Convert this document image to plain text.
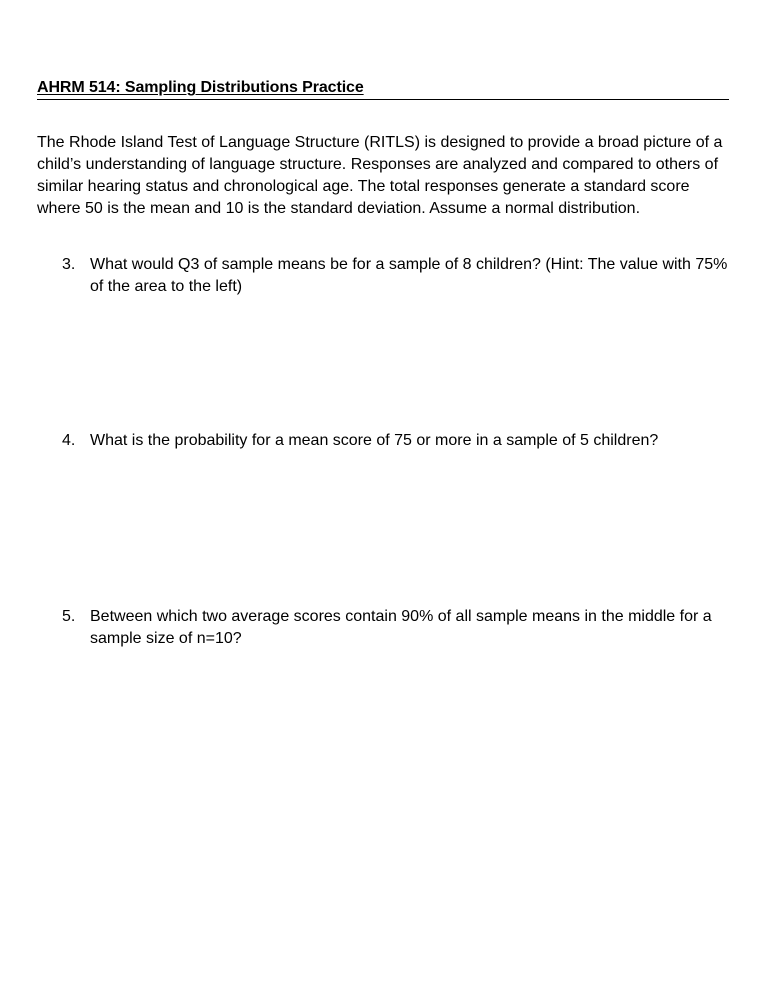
AHRM 514: Sampling Distributions Practice

The Rhode Island Test of Language Structure (RITLS) is designed to provide a broad picture of a child’s understanding of language structure. Responses are analyzed and compared to others of similar hearing status and chronological age. The total responses generate a standard score where 50 is the mean and 10 is the standard deviation. Assume a normal distribution.

3. What would Q3 of sample means be for a sample of 8 children? (Hint: The value with 75% of the area to the left)

4. What is the probability for a mean score of 75 or more in a sample of 5 children?

5. Between which two average scores contain 90% of all sample means in the middle for a sample size of n=10?
